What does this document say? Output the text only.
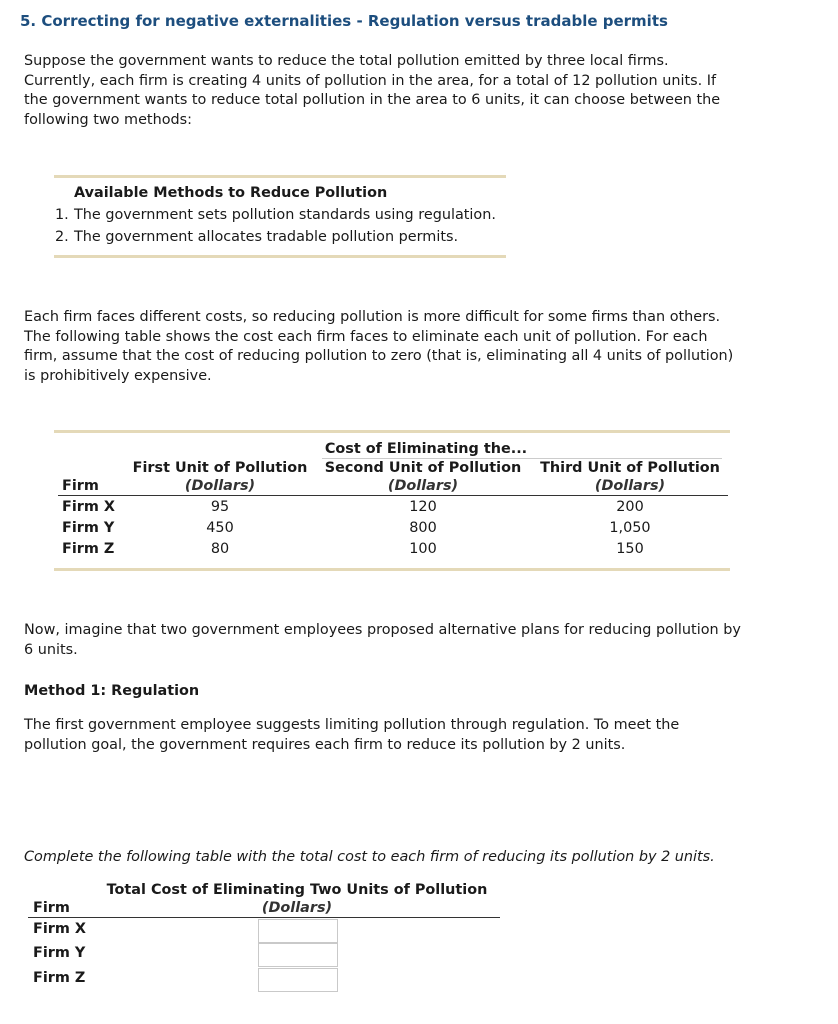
5. Correcting for negative externalities - Regulation versus tradable permits
Suppose the government wants to reduce the total pollution emitted by three local firms.
Currently, each firm is creating 4 units of pollution in the area, for a total of 12 pollution units. If
the government wants to reduce total pollution in the area to 6 units, it can choose between the
following two methods:
Available Methods to Reduce Pollution
1. The government sets pollution standards using regulation.
2. The government allocates tradable pollution permits.
Each firm faces different costs, so reducing pollution is more difficult for some firms than others.
The following table shows the cost each firm faces to eliminate each unit of pollution. For each
firm, assume that the cost of reducing pollution to zero (that is, eliminating all 4 units of pollution)
is prohibitively expensive.
Cost of Eliminating the...
First Unit of Pollution	Second Unit of Pollution	Third Unit of Pollution
Firm	(Dollars)	(Dollars)	(Dollars)
Firm X	95	120	200
Firm Y	450	800	1,050
Firm Z	80	100	150
Now, imagine that two government employees proposed alternative plans for reducing pollution by
6 units.
Method 1: Regulation
The first government employee suggests limiting pollution through regulation. To meet the
pollution goal, the government requires each firm to reduce its pollution by 2 units.
Complete the following table with the total cost to each firm of reducing its pollution by 2 units.
Total Cost of Eliminating Two Units of Pollution
Firm	(Dollars)
Firm X
Firm Y
Firm Z
